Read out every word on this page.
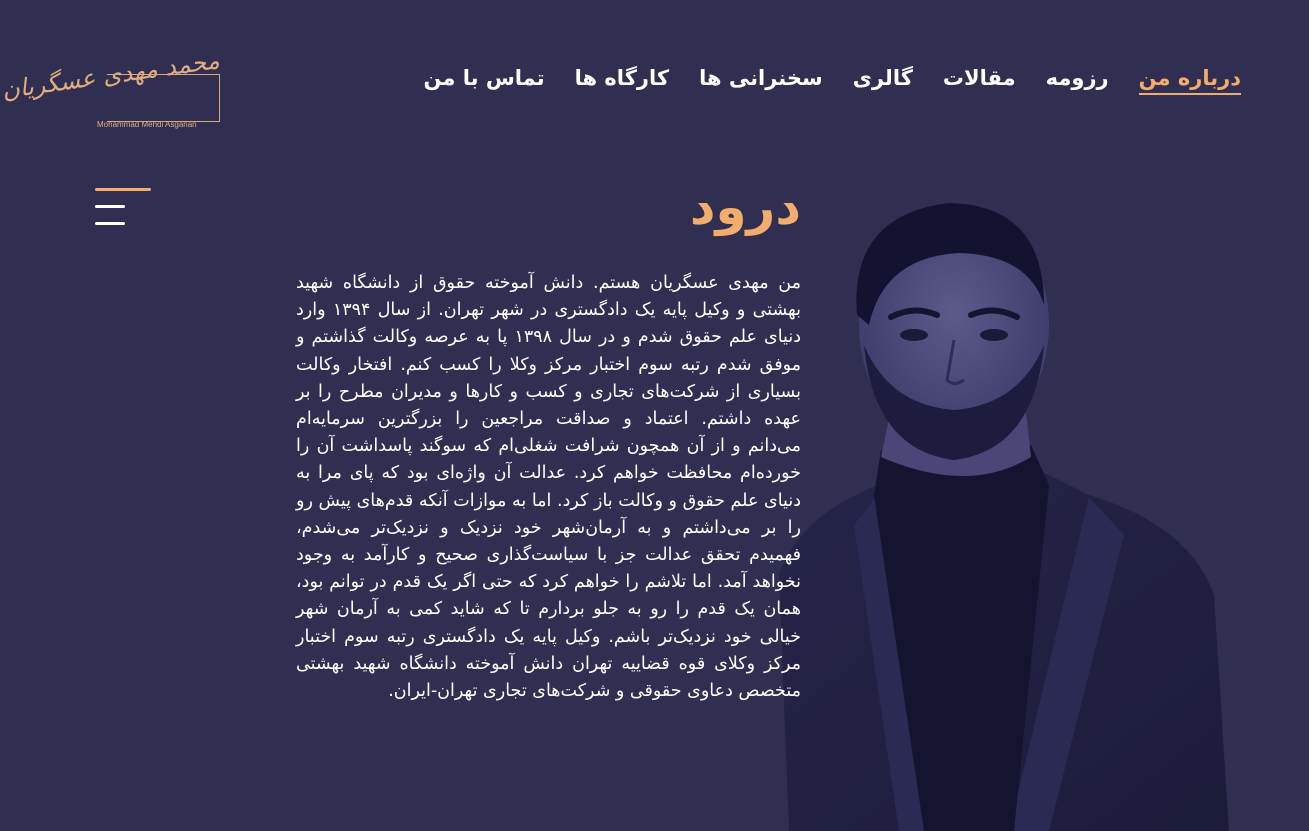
محمد مهدی عسگریان
Mohammad Mehdi Asgarian
درباره من
رزومه
مقالات
گالری
سخنرانی ها
کارگاه ها
تماس با من
درود

من مهدی عسگریان هستم. دانش آموخته حقوق از دانشگاه شهید بهشتی و وکیل پایه یک دادگستری در شهر تهران. از سال ۱۳۹۴ وارد دنیای علم حقوق شدم و در سال ۱۳۹۸ پا به عرصه وکالت گذاشتم و موفق شدم رتبه سوم اختبار مرکز وکلا را کسب کنم. افتخار وکالت بسیاری از شرکت‌های تجاری و کسب و کارها و مدیران مطرح را بر عهده داشتم. اعتماد و صداقت مراجعین را بزرگترین سرمایه‌ام می‌دانم و از آن همچون شرافت شغلی‌ام که سوگند پاسداشت آن را خورده‌ام محافظت خواهم کرد. عدالت آن واژه‌ای بود که پای مرا به دنیای علم حقوق و وکالت باز کرد. اما به موازات آنکه قدم‌های پیش رو را بر می‌داشتم و به آرمان‌شهر خود نزدیک و نزدیک‌تر می‌شدم، فهمیدم تحقق عدالت جز با سیاست‌گذاری صحیح و کارآمد به وجود نخواهد آمد. اما تلاشم را خواهم کرد که حتی اگر یک قدم در توانم بود، همان یک قدم را رو به جلو بردارم تا که شاید کمی به آرمان شهر خیالی خود نزدیک‌تر باشم. وکیل پایه یک دادگستری رتبه سوم اختبار مرکز وکلای قوه قضاییه تهران دانش آموخته دانشگاه شهید بهشتی متخصص دعاوی حقوقی و شرکت‌های تجاری تهران-ایران.
